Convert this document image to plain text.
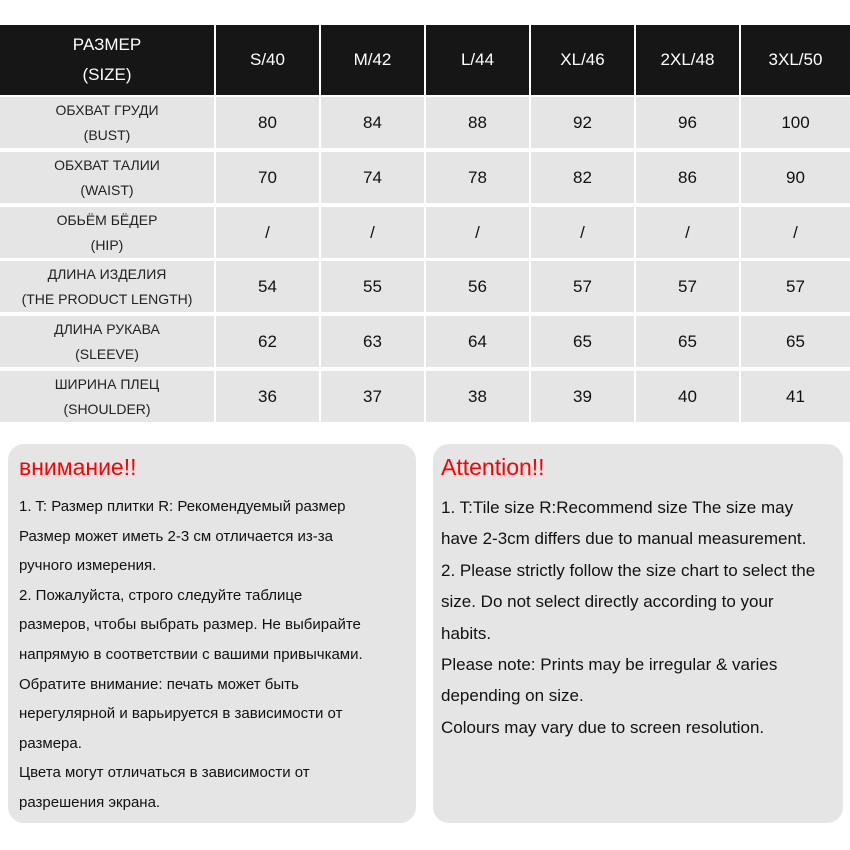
РАЗМЕР
(SIZE)
S/40	M/42	L/44	XL/46	2XL/48	3XL/50
ОБХВАТ ГРУДИ
(BUST)
80	84	88	92	96	100
ОБХВАТ ТАЛИИ
(WAIST)
70	74	78	82	86	90
ОБЬЁМ БЁДЕР
(HIP)
/	/	/	/	/	/
ДЛИНА ИЗДЕЛИЯ
(THE PRODUCT LENGTH)
54	55	56	57	57	57
ДЛИНА РУКАВА
(SLEEVE)
62	63	64	65	65	65
ШИРИНА ПЛЕЦ
(SHOULDER)
36	37	38	39	40	41
внимание!!
1. T: Размер плитки R: Рекомендуемый размер
Размер может иметь 2-3 см отличается из-за
ручного измерения.
2. Пожалуйста, строго следуйте таблице
размеров, чтобы выбрать размер. Не выбирайте
напрямую в соответствии с вашими привычками.
Обратите внимание: печать может быть
нерегулярной и варьируется в зависимости от
размера.
Цвета могут отличаться в зависимости от
разрешения экрана.
Attention!!
1. T:Tile size R:Recommend size The size may
have 2-3cm differs due to manual measurement.
2. Please strictly follow the size chart to select the
size. Do not select directly according to your
habits.
Please note: Prints may be irregular & varies
depending on size.
Colours may vary due to screen resolution.
